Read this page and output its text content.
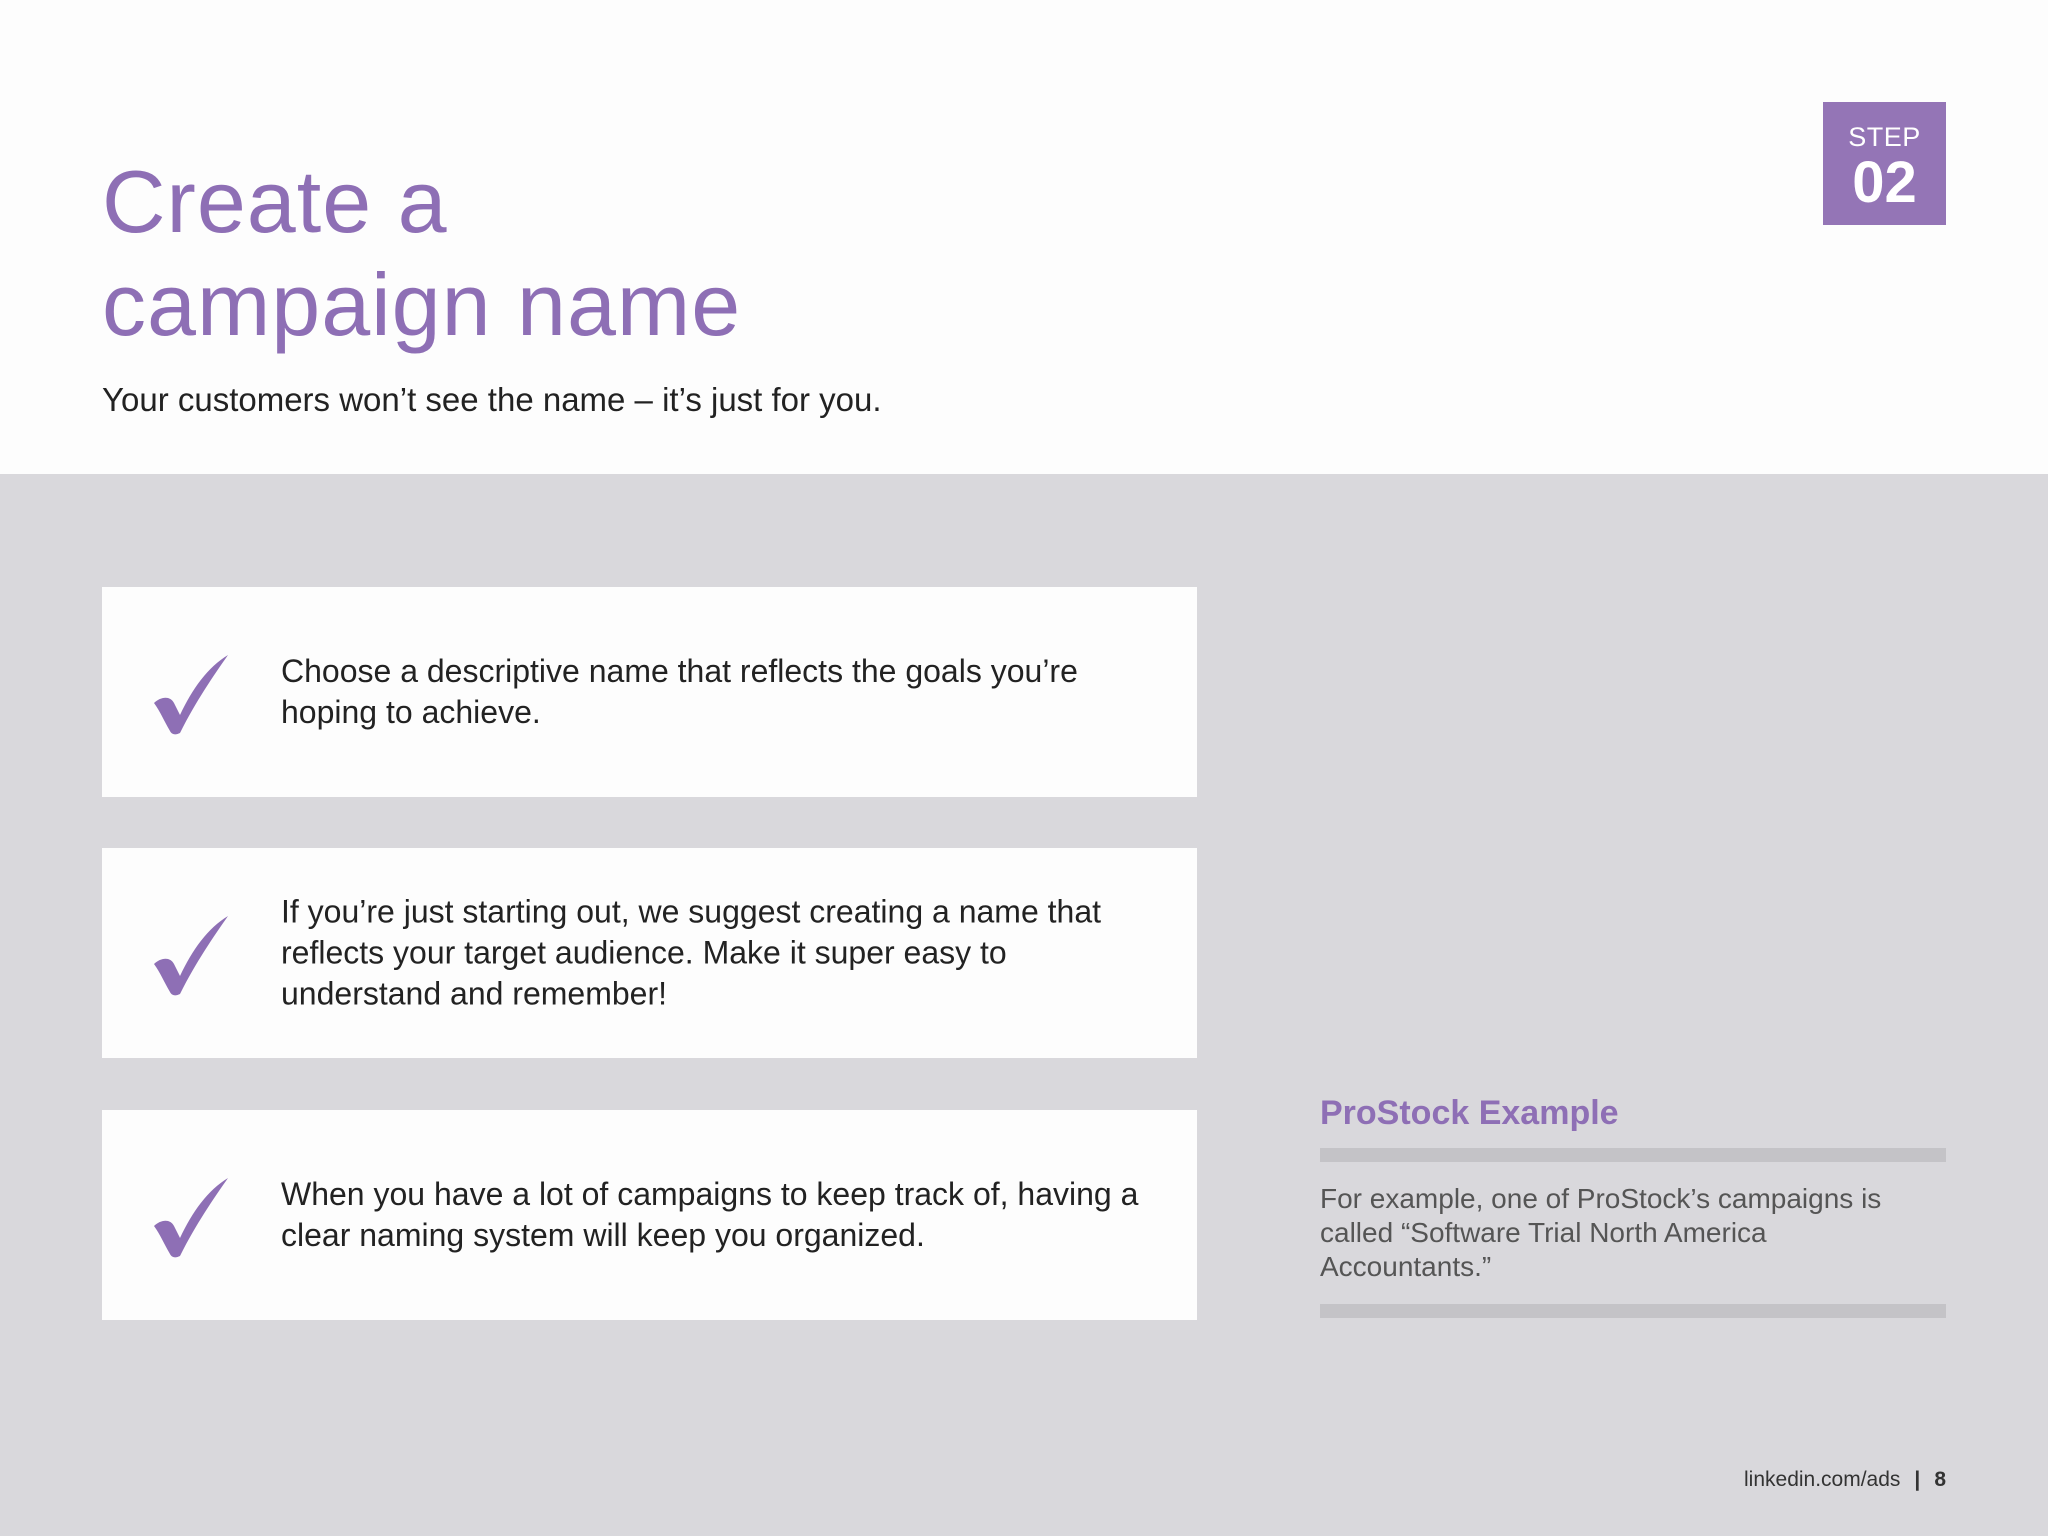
Create a
campaign name

Your customers won’t see the name – it’s just for you.

STEP
02

Choose a descriptive name that reflects the goals you’re hoping to achieve.

If you’re just starting out, we suggest creating a name that reflects your target audience. Make it super easy to understand and remember!

When you have a lot of campaigns to keep track of, having a clear naming system will keep you organized.

ProStock Example

For example, one of ProStock’s campaigns is called “Software Trial North America Accountants.”

linkedin.com/ads | 8
